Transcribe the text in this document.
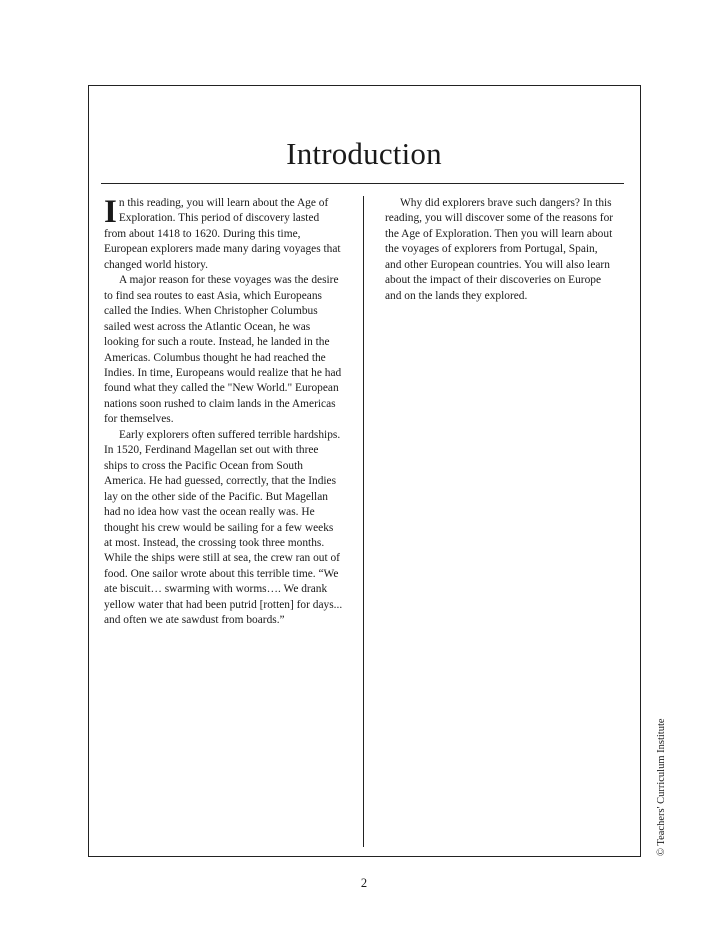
Introduction

In this reading, you will learn about the Age of Exploration. This period of discovery lasted from about 1418 to 1620. During this time, European explorers made many daring voyages that changed world history.

A major reason for these voyages was the desire to find sea routes to east Asia, which Europeans called the Indies. When Christopher Columbus sailed west across the Atlantic Ocean, he was looking for such a route. Instead, he landed in the Americas. Columbus thought he had reached the Indies. In time, Europeans would realize that he had found what they called the "New World." European nations soon rushed to claim lands in the Americas for themselves.

Early explorers often suffered terrible hardships. In 1520, Ferdinand Magellan set out with three ships to cross the Pacific Ocean from South America. He had guessed, correctly, that the Indies lay on the other side of the Pacific. But Magellan had no idea how vast the ocean really was. He thought his crew would be sailing for a few weeks at most. Instead, the crossing took three months. While the ships were still at sea, the crew ran out of food. One sailor wrote about this terrible time. “We ate biscuit… swarming with worms…. We drank yellow water that had been putrid [rotten] for days... and often we ate sawdust from boards.”

Why did explorers brave such dangers? In this reading, you will discover some of the reasons for the Age of Exploration. Then you will learn about the voyages of explorers from Portugal, Spain, and other European countries. You will also learn about the impact of their discoveries on Europe and on the lands they explored.

© Teachers' Curriculum Institute
2
